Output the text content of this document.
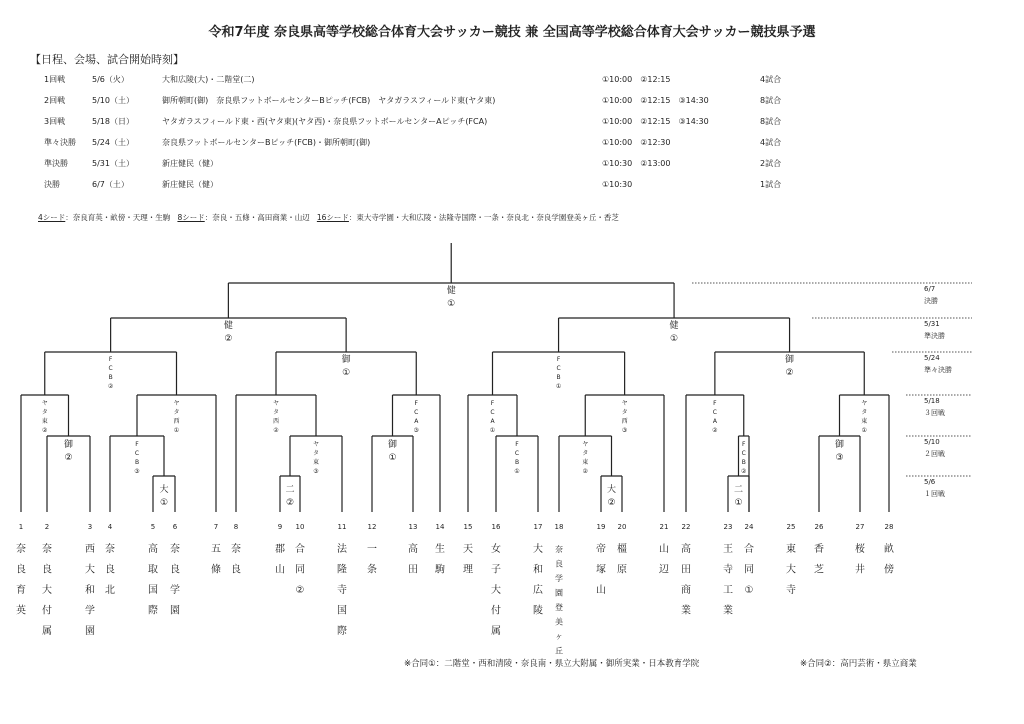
令和7年度 奈良県高等学校総合体育大会サッカー競技 兼 全国高等学校総合体育大会サッカー競技県予選
【日程、会場、試合開始時刻】
1回戦	5/6（火）	大和広陵(大)・二階堂(二)	①10:00　②12:15	4試合
2回戦	5/10（土）	御所朝町(御)　奈良県フットボールセンターBピッチ(FCB)　ヤタガラスフィールド東(ヤタ東)	①10:00　②12:15　③14:30	8試合
3回戦	5/18（日）	ヤタガラスフィールド東・西(ヤタ東)(ヤタ西)・奈良県フットボールセンターAピッチ(FCA)	①10:00　②12:15　③14:30	8試合
準々決勝 5/24（土）	奈良県フットボールセンターBピッチ(FCB)・御所朝町(御)	①10:00　②12:30	4試合
準決勝	5/31（土）	新庄健民（健）	①10:30　②13:00	2試合
決勝	6/7（土）	新庄健民（健）	①10:30	1試合
4シード：奈良育英・畝傍・天理・生駒 8シード：奈良・五條・高田商業・山辺 16シード：東大寺学園・大和広陵・法隆寺国際・一条・奈良北・奈良学園登美ヶ丘・香芝
1
奈
良
育
英
2
奈
良
大
付
属
3
西
大
和
学
園
4
奈
良
北
5
高
取
国
際
6
奈
良
学
園
7
五
條
8
奈
良
9
郡
山
10
合
同
②
11
法
隆
寺
国
際
12
一
条
13
高
田
14
生
駒
15
天
理
16
女
子
大
付
属
17
大
和
広
陵
18
奈
良
学
園
登
美
ヶ
丘
19
帝
塚
山
20
橿
原
21
山
辺
22
高
田
商
業
23
王
寺
工
業
24
合
同
①
25
東
大
寺
26
香
芝
27
桜
井
28
畝
傍
大
①
二
②
大
②
二
①
御
②
F
C
B
③
ヤ
タ
東
③
御
①
F
C
B
①
ヤ
タ
東
②
F
C
B
②
御
③
ヤ
タ
東
②
ヤ
タ
西
①
ヤ
タ
西
②
F
C
A
③
F
C
A
①
ヤ
タ
西
③
F
C
A
②
ヤ
タ
東
①
F
C
B
②
御
①
F
C
B
①
御
②
健
②
健
①
健
①
6/7
決勝
5/31
準決勝
5/24
準々決勝
5/18
３回戦
5/10
２回戦
5/6
１回戦
※合同①：二階堂・西和清陵・奈良南・県立大附属・御所実業・日本教育学院	※合同②：高円芸術・県立商業
